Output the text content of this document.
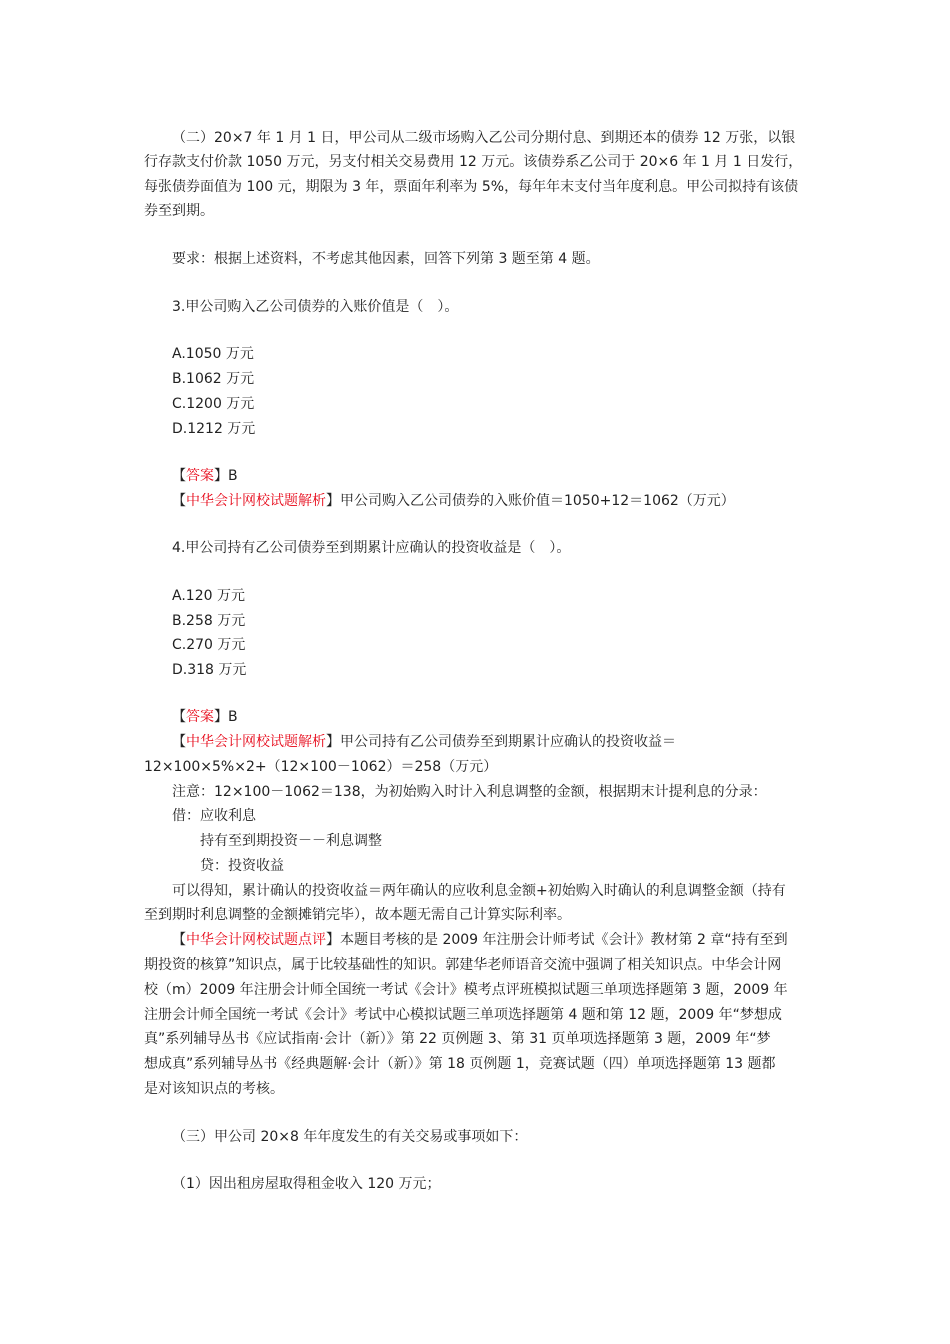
（二）20×7 年 1 月 1 日，甲公司从二级市场购入乙公司分期付息、到期还本的债券 12 万张，以银
行存款支付价款 1050 万元，另支付相关交易费用 12 万元。该债券系乙公司于 20×6 年 1 月 1 日发行，
每张债券面值为 100 元，期限为 3 年，票面年利率为 5%，每年年末支付当年度利息。甲公司拟持有该债
券至到期。
要求：根据上述资料，不考虑其他因素，回答下列第 3 题至第 4 题。
3.甲公司购入乙公司债券的入账价值是（　）。
A.1050 万元
B.1062 万元
C.1200 万元
D.1212 万元
【答案】B
【中华会计网校试题解析】甲公司购入乙公司债券的入账价值＝1050+12＝1062（万元）
4.甲公司持有乙公司债券至到期累计应确认的投资收益是（　）。
A.120 万元
B.258 万元
C.270 万元
D.318 万元
【答案】B
【中华会计网校试题解析】甲公司持有乙公司债券至到期累计应确认的投资收益＝
12×100×5%×2+（12×100－1062）＝258（万元）
注意：12×100－1062＝138，为初始购入时计入利息调整的金额，根据期末计提利息的分录：
借：应收利息
持有至到期投资－－利息调整
贷：投资收益
可以得知，累计确认的投资收益＝两年确认的应收利息金额+初始购入时确认的利息调整金额（持有
至到期时利息调整的金额摊销完毕），故本题无需自己计算实际利率。
【中华会计网校试题点评】本题目考核的是 2009 年注册会计师考试《会计》教材第 2 章“持有至到
期投资的核算”知识点，属于比较基础性的知识。郭建华老师语音交流中强调了相关知识点。中华会计网
校（m）2009 年注册会计师全国统一考试《会计》模考点评班模拟试题三单项选择题第 3 题，2009 年
注册会计师全国统一考试《会计》考试中心模拟试题三单项选择题第 4 题和第 12 题，2009 年“梦想成
真”系列辅导丛书《应试指南·会计（新）》第 22 页例题 3、第 31 页单项选择题第 3 题，2009 年“梦
想成真”系列辅导丛书《经典题解·会计（新）》第 18 页例题 1，竞赛试题（四）单项选择题第 13 题都
是对该知识点的考核。
（三）甲公司 20×8 年年度发生的有关交易或事项如下：
（1）因出租房屋取得租金收入 120 万元；
